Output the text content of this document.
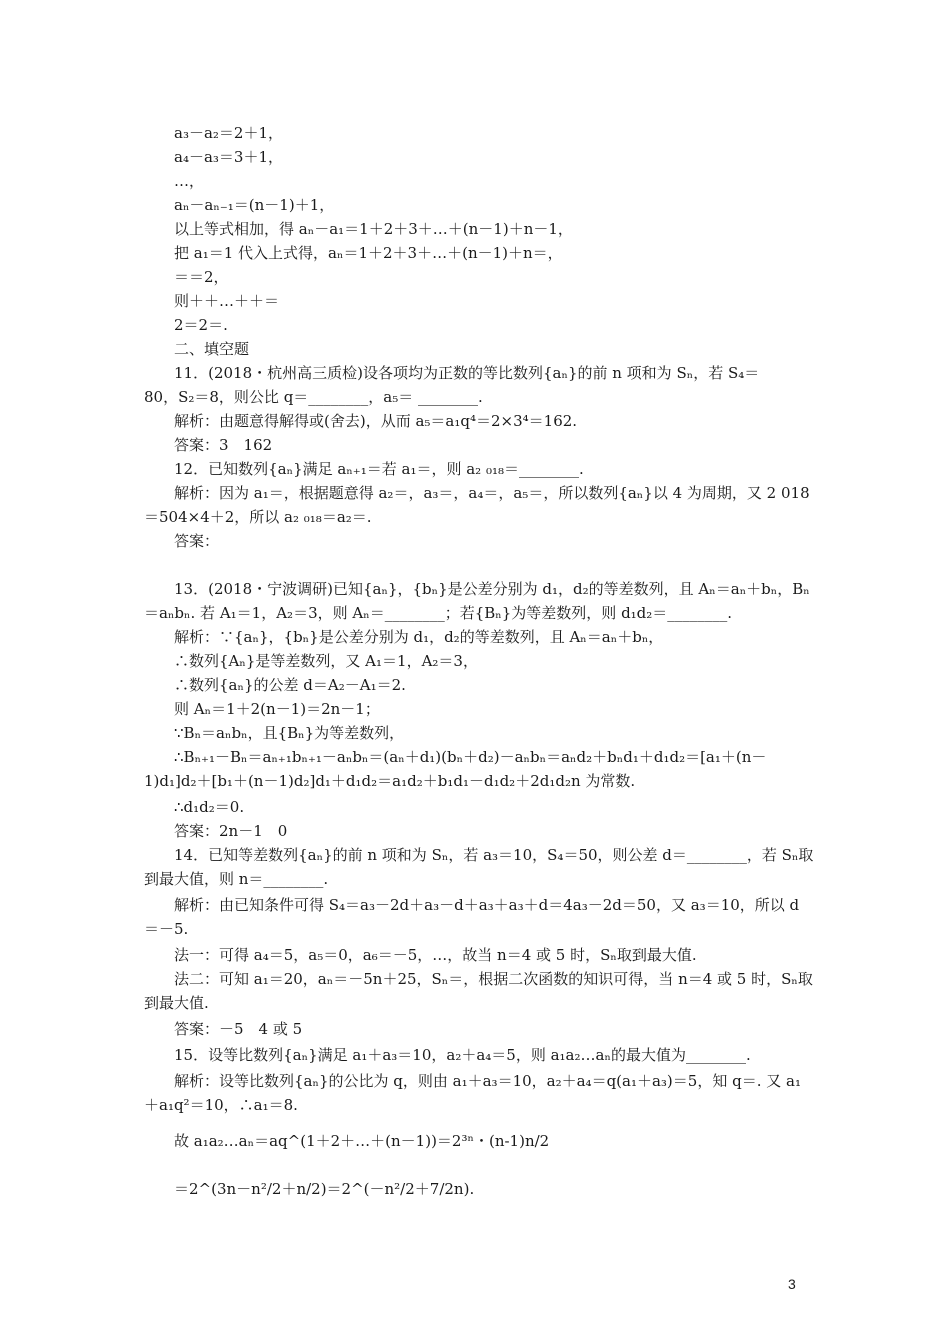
a₃－a₂＝2＋1，
a₄－a₃＝3＋1，
…，
aₙ－aₙ₋₁＝(n－1)＋1，
以上等式相加，得 aₙ－a₁＝1＋2＋3＋…＋(n－1)＋n－1，
把 a₁＝1 代入上式得，aₙ＝1＋2＋3＋…＋(n－1)＋n＝，
＝＝2，
则＋＋…＋＋＝
2＝2＝.
二、填空题
11．(2018・杭州高三质检)设各项均为正数的等比数列{aₙ}的前 n 项和为 Sₙ，若 S₄＝
80，S₂＝8，则公比 q＝________，a₅＝ ________.
解析：由题意得解得或(舍去)，从而 a₅＝a₁q⁴＝2×3⁴＝162.
答案：3　162
12．已知数列{aₙ}满足 aₙ₊₁＝若 a₁＝，则 a₂ ₀₁₈＝________.
解析：因为 a₁＝，根据题意得 a₂＝，a₃＝，a₄＝，a₅＝，所以数列{aₙ}以 4 为周期，又 2 018
＝504×4＋2，所以 a₂ ₀₁₈＝a₂＝.
答案：
13．(2018・宁波调研)已知{aₙ}，{bₙ}是公差分别为 d₁，d₂的等差数列，且 Aₙ＝aₙ＋bₙ，Bₙ
＝aₙbₙ. 若 A₁＝1，A₂＝3，则 Aₙ＝________；若{Bₙ}为等差数列，则 d₁d₂＝________.
解析：∵{aₙ}，{bₙ}是公差分别为 d₁，d₂的等差数列，且 Aₙ＝aₙ＋bₙ，
∴数列{Aₙ}是等差数列，又 A₁＝1，A₂＝3，
∴数列{aₙ}的公差 d＝A₂－A₁＝2.
则 Aₙ＝1＋2(n－1)＝2n－1；
∵Bₙ＝aₙbₙ，且{Bₙ}为等差数列，
∴Bₙ₊₁－Bₙ＝aₙ₊₁bₙ₊₁－aₙbₙ＝(aₙ＋d₁)(bₙ＋d₂)－aₙbₙ＝aₙd₂＋bₙd₁＋d₁d₂＝[a₁＋(n－
1)d₁]d₂＋[b₁＋(n－1)d₂]d₁＋d₁d₂＝a₁d₂＋b₁d₁－d₁d₂＋2d₁d₂n 为常数.
∴d₁d₂＝0.
答案：2n－1　0
14．已知等差数列{aₙ}的前 n 项和为 Sₙ，若 a₃＝10，S₄＝50，则公差 d＝________，若 Sₙ取
到最大值，则 n＝________.
解析：由已知条件可得 S₄＝a₃－2d＋a₃－d＋a₃＋a₃＋d＝4a₃－2d＝50，又 a₃＝10，所以 d
＝－5.
法一：可得 a₄＝5，a₅＝0，a₆＝－5，…，故当 n＝4 或 5 时，Sₙ取到最大值.
法二：可知 a₁＝20，aₙ＝－5n＋25，Sₙ＝，根据二次函数的知识可得，当 n＝4 或 5 时，Sₙ取
到最大值.
答案：－5　4 或 5
15．设等比数列{aₙ}满足 a₁＋a₃＝10，a₂＋a₄＝5，则 a₁a₂…aₙ的最大值为________.
解析：设等比数列{aₙ}的公比为 q，则由 a₁＋a₃＝10，a₂＋a₄＝q(a₁＋a₃)＝5，知 q＝. 又 a₁
＋a₁q²＝10，∴a₁＝8.
故 a₁a₂…aₙ＝aq^(1＋2＋…＋(n－1))＝2³ⁿ・(n-1)n/2
＝2^(3n－n²/2＋n/2)＝2^(－n²/2＋7/2n).
3
